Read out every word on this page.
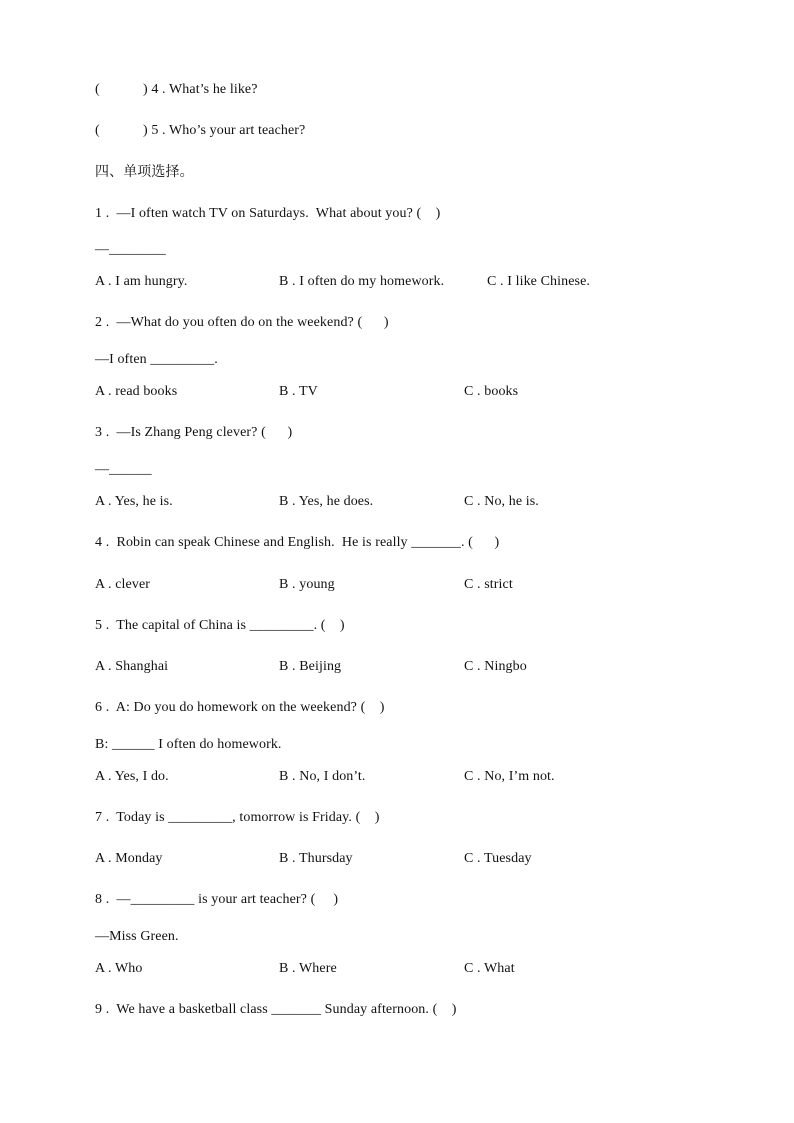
(            ) 4 . What’s he like?
(            ) 5 . Who’s your art teacher?
四、单项选择。
1 .  —I often watch TV on Saturdays.  What about you? (    )
—________
A . I am hungry.	B . I often do my homework.	C . I like Chinese.
2 .  —What do you often do on the weekend? (      )
—I often _________.
A . read books	B . TV	C . books
3 .  —Is Zhang Peng clever? (      )
—______
A . Yes, he is.	B . Yes, he does.	C . No, he is.
4 .  Robin can speak Chinese and English.  He is really _______. (      )
A . clever	B . young	C . strict
5 .  The capital of China is _________. (    )
A . Shanghai	B . Beijing	C . Ningbo
6 .  A: Do you do homework on the weekend? (    )
B: ______ I often do homework.
A . Yes, I do.	B . No, I don’t.	C . No, I’m not.
7 .  Today is _________, tomorrow is Friday. (    )
A . Monday	B . Thursday	C . Tuesday
8 .  —_________ is your art teacher? (     )
—Miss Green.
A . Who	B . Where	C . What
9 .  We have a basketball class _______ Sunday afternoon. (    )
